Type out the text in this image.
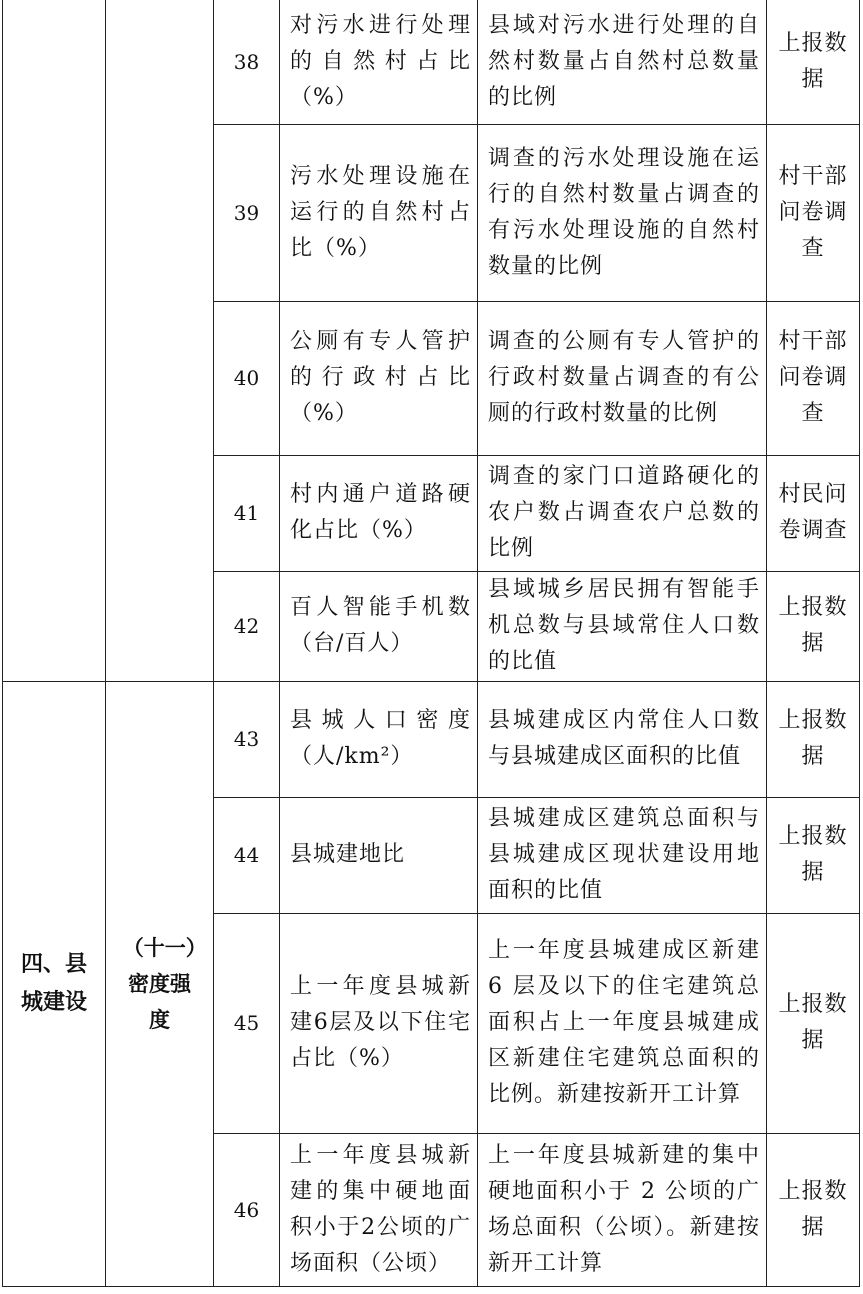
		38	对污水进行处理的自然村占比（%）	县域对污水进行处理的自然村数量占自然村总数量的比例	上报数据

		39	污水处理设施在运行的自然村占比（%）	调查的污水处理设施在运行的自然村数量占调查的有污水处理设施的自然村数量的比例	村干部问卷调查

		40	公厕有专人管护的行政村占比（%）	调查的公厕有专人管护的行政村数量占调查的有公厕的行政村数量的比例	村干部问卷调查

		41	村内通户道路硬化占比（%）	调查的家门口道路硬化的农户数占调查农户总数的比例	村民问卷调查

		42	百人智能手机数（台/百人）	县域城乡居民拥有智能手机总数与县域常住人口数的比值	上报数据

四、县城建设	（十一）密度强度	43	县城人口密度（人/km²）	县城建成区内常住人口数与县城建成区面积的比值	上报数据

		44	县城建地比	县城建成区建筑总面积与县城建成区现状建设用地面积的比值	上报数据

		45	上一年度县城新建6层及以下住宅占比（%）	上一年度县城建成区新建 6 层及以下的住宅建筑总面积占上一年度县城建成区新建住宅建筑总面积的比例。新建按新开工计算	上报数据

		46	上一年度县城新建的集中硬地面积小于2公顷的广场面积（公顷）	上一年度县城新建的集中硬地面积小于 2 公顷的广场总面积（公顷）。新建按新开工计算	上报数据
